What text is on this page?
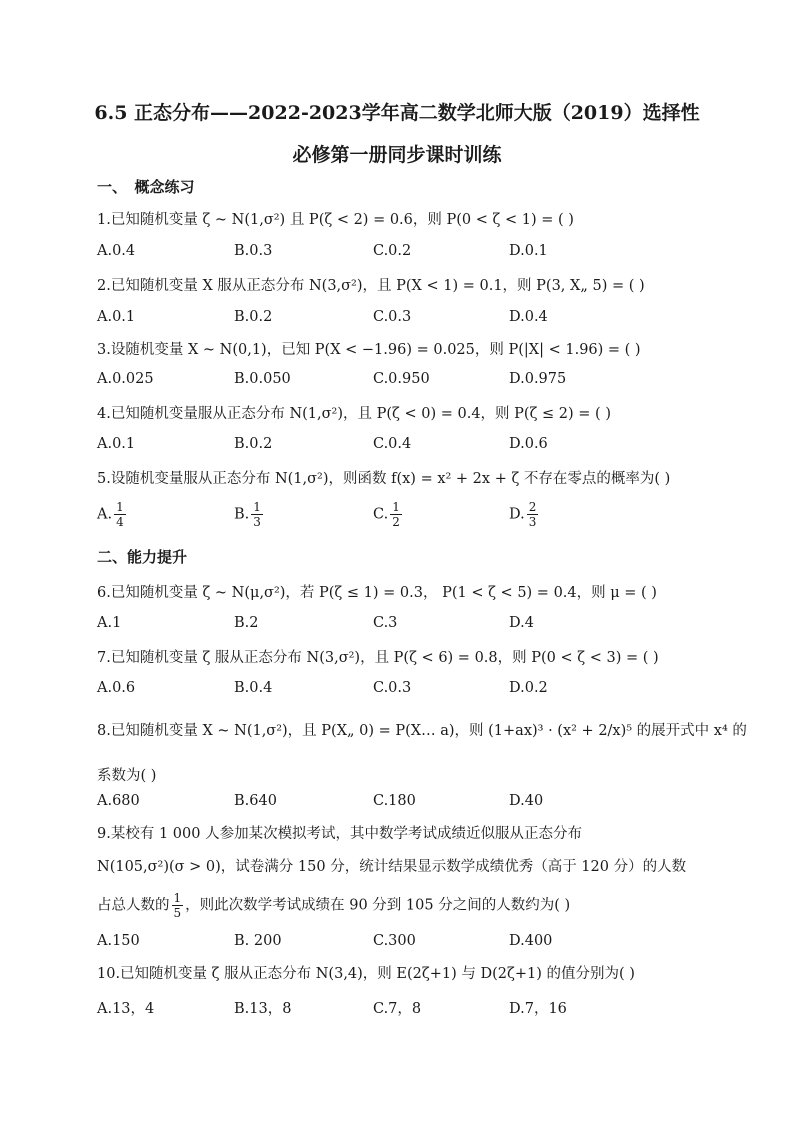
6.5 正态分布——2022-2023学年高二数学北师大版（2019）选择性
必修第一册同步课时训练
一、　概念练习
1.已知随机变量 ζ ~ N(1,σ²) 且 P(ζ < 2) = 0.6，则 P(0 < ζ < 1) = ( )
A.0.4	B.0.3	C.0.2	D.0.1
2.已知随机变量 X 服从正态分布 N(3,σ²)，且 P(X < 1) = 0.1，则 P(3, X„ 5) = ( )
A.0.1	B.0.2	C.0.3	D.0.4
3.设随机变量 X ~ N(0,1)，已知 P(X < −1.96) = 0.025，则 P(|X| < 1.96) = ( )
A.0.025	B.0.050	C.0.950	D.0.975
4.已知随机变量服从正态分布 N(1,σ²)，且 P(ζ < 0) = 0.4，则 P(ζ ≤ 2) = ( )
A.0.1	B.0.2	C.0.4	D.0.6
5.设随机变量服从正态分布 N(1,σ²)，则函数 f(x) = x² + 2x + ζ 不存在零点的概率为( )
A. $\frac{1}{4}$	B. $\frac{1}{3}$	C. $\frac{1}{2}$	D. $\frac{2}{3}$
二、能力提升
6.已知随机变量 ζ ~ N(μ,σ²)，若 P(ζ ≤ 1) = 0.3， P(1 < ζ < 5) = 0.4，则 μ = ( )
A.1	B.2	C.3	D.4
7.已知随机变量 ζ 服从正态分布 N(3,σ²)，且 P(ζ < 6) = 0.8，则 P(0 < ζ < 3) = ( )
A.0.6	B.0.4	C.0.3	D.0.2
8.已知随机变量 X ~ N(1,σ²)，且 P(X„ 0) = P(X… a)，则 (1+ax)³ · (x² + 2/x)⁵ 的展开式中 x⁴ 的
系数为( )
A.680	B.640	C.180	D.40
9.某校有 1 000 人参加某次模拟考试，其中数学考试成绩近似服从正态分布
N(105,σ²)(σ > 0)，试卷满分 150 分，统计结果显示数学成绩优秀（高于 120 分）的人数
占总人数的 $\frac{1}{5}$ ，则此次数学考试成绩在 90 分到 105 分之间的人数约为( )
A.150	B. 200	C.300	D.400
10.已知随机变量 ζ 服从正态分布 N(3,4)，则 E(2ζ+1) 与 D(2ζ+1) 的值分别为( )
A.13，4	B.13，8	C.7，8	D.7，16
